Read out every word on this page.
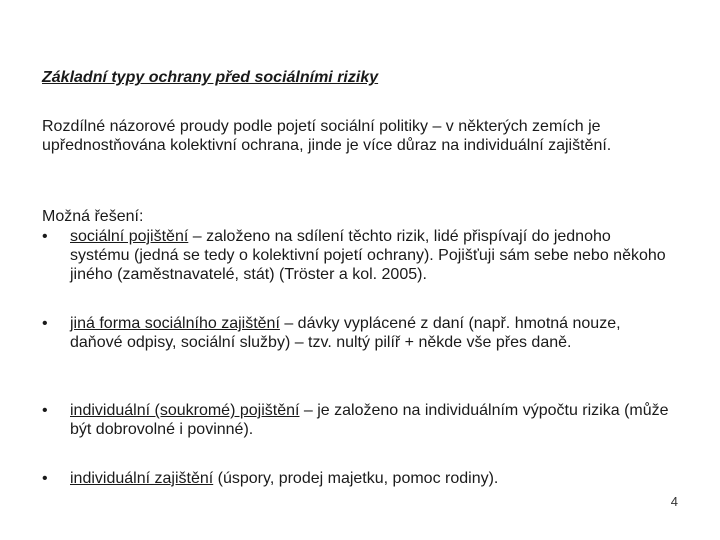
Základní typy ochrany před sociálními riziky
Rozdílné názorové proudy podle pojetí sociální politiky – v některých zemích je upřednostňována kolektivní ochrana, jinde je více důraz na individuální zajištění.
Možná řešení:
•	sociální pojištění – založeno na sdílení těchto rizik, lidé přispívají do jednoho systému (jedná se tedy o kolektivní pojetí ochrany). Pojišťuji sám sebe nebo někoho jiného (zaměstnavatelé, stát) (Tröster a kol. 2005).
•	jiná forma sociálního zajištění – dávky vyplácené z daní (např. hmotná nouze, daňové odpisy, sociální služby) – tzv. nultý pilíř + někde vše přes daně.
•	individuální (soukromé) pojištění – je založeno na individuálním výpočtu rizika (může být dobrovolné i povinné).
•	individuální zajištění (úspory, prodej majetku, pomoc rodiny).
4
